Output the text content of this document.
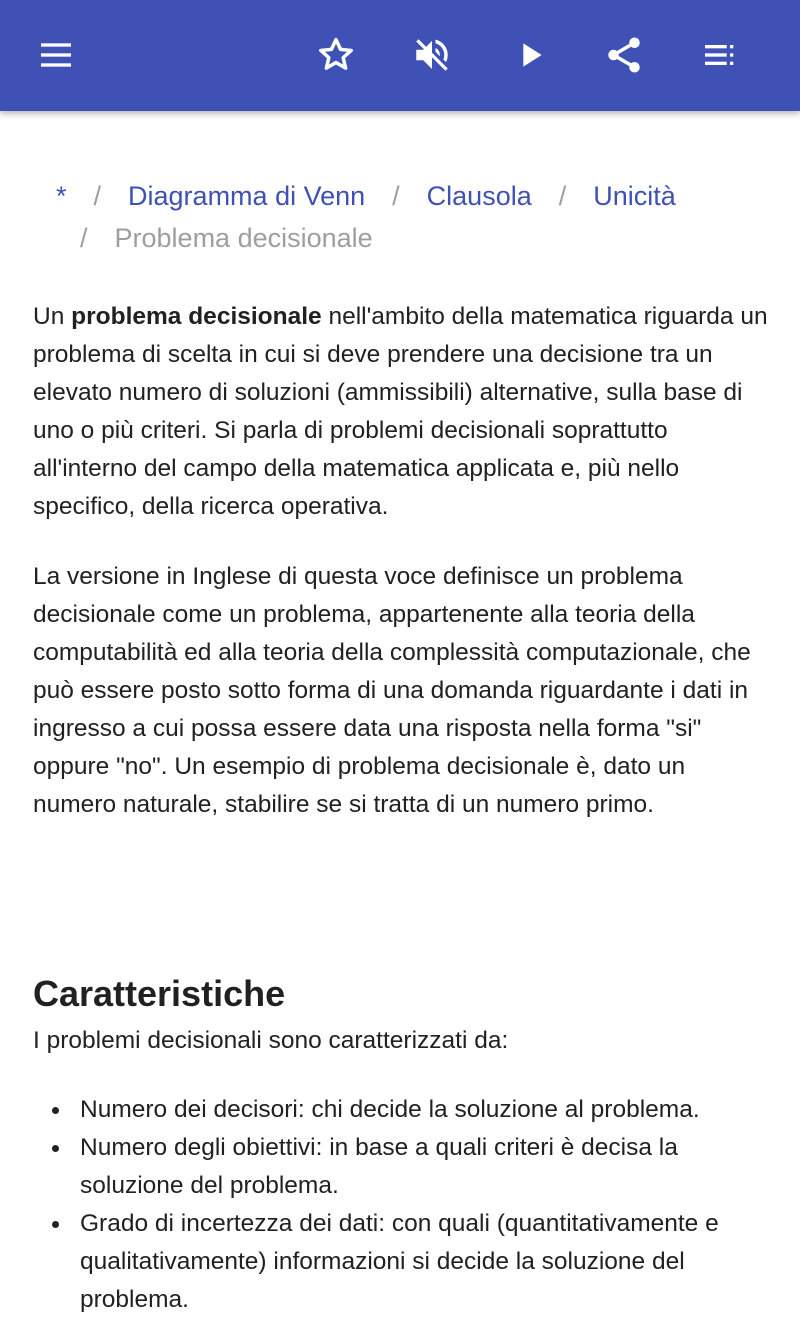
* / Diagramma di Venn / Clausola / Unicità
/ Problema decisionale

Un problema decisionale nell'ambito della matematica riguarda un problema di scelta in cui si deve prendere una decisione tra un elevato numero di soluzioni (ammissibili) alternative, sulla base di uno o più criteri. Si parla di problemi decisionali soprattutto all'interno del campo della matematica applicata e, più nello specifico, della ricerca operativa.

La versione in Inglese di questa voce definisce un problema decisionale come un problema, appartenente alla teoria della computabilità ed alla teoria della complessità computazionale, che può essere posto sotto forma di una domanda riguardante i dati in ingresso a cui possa essere data una risposta nella forma "si" oppure "no". Un esempio di problema decisionale è, dato un numero naturale, stabilire se si tratta di un numero primo.

Caratteristiche

I problemi decisionali sono caratterizzati da:

Numero dei decisori: chi decide la soluzione al problema.
Numero degli obiettivi: in base a quali criteri è decisa la soluzione del problema.
Grado di incertezza dei dati: con quali (quantitativamente e qualitativamente) informazioni si decide la soluzione del problema.
